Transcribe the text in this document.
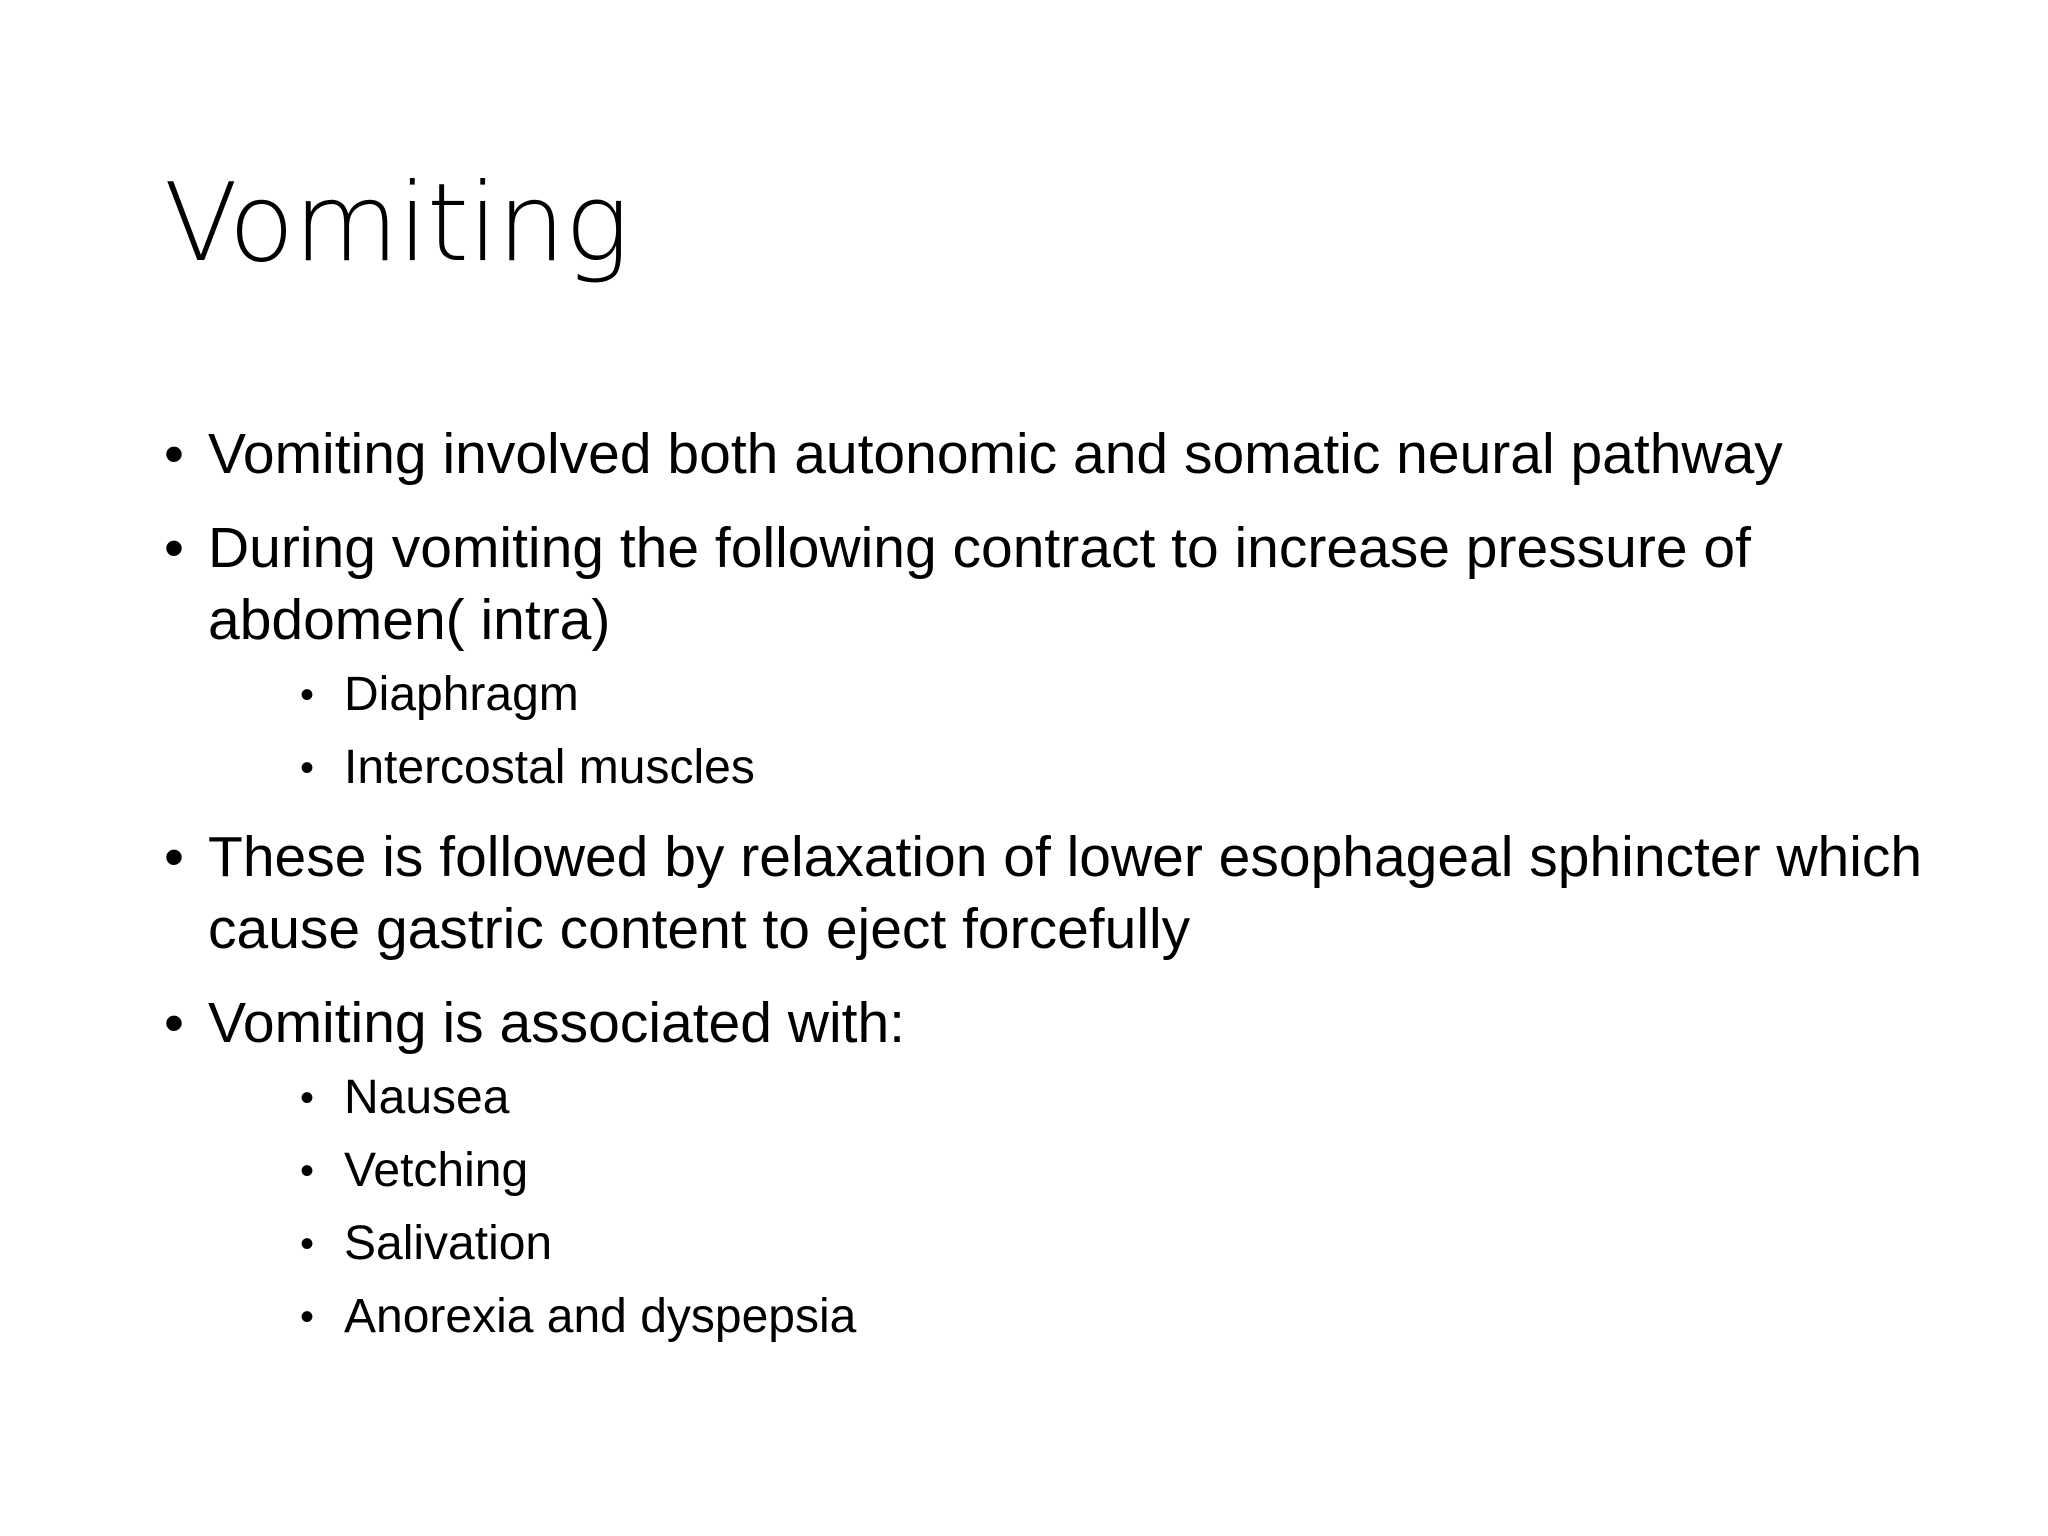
Vomiting
• Vomiting involved both autonomic and somatic neural pathway
• During vomiting the following contract to increase pressure of abdomen( intra)
• Diaphragm
• Intercostal muscles
• These is followed by relaxation of lower esophageal sphincter which cause gastric content to eject forcefully
• Vomiting is associated with:
• Nausea
• Vetching
• Salivation
• Anorexia and dyspepsia
